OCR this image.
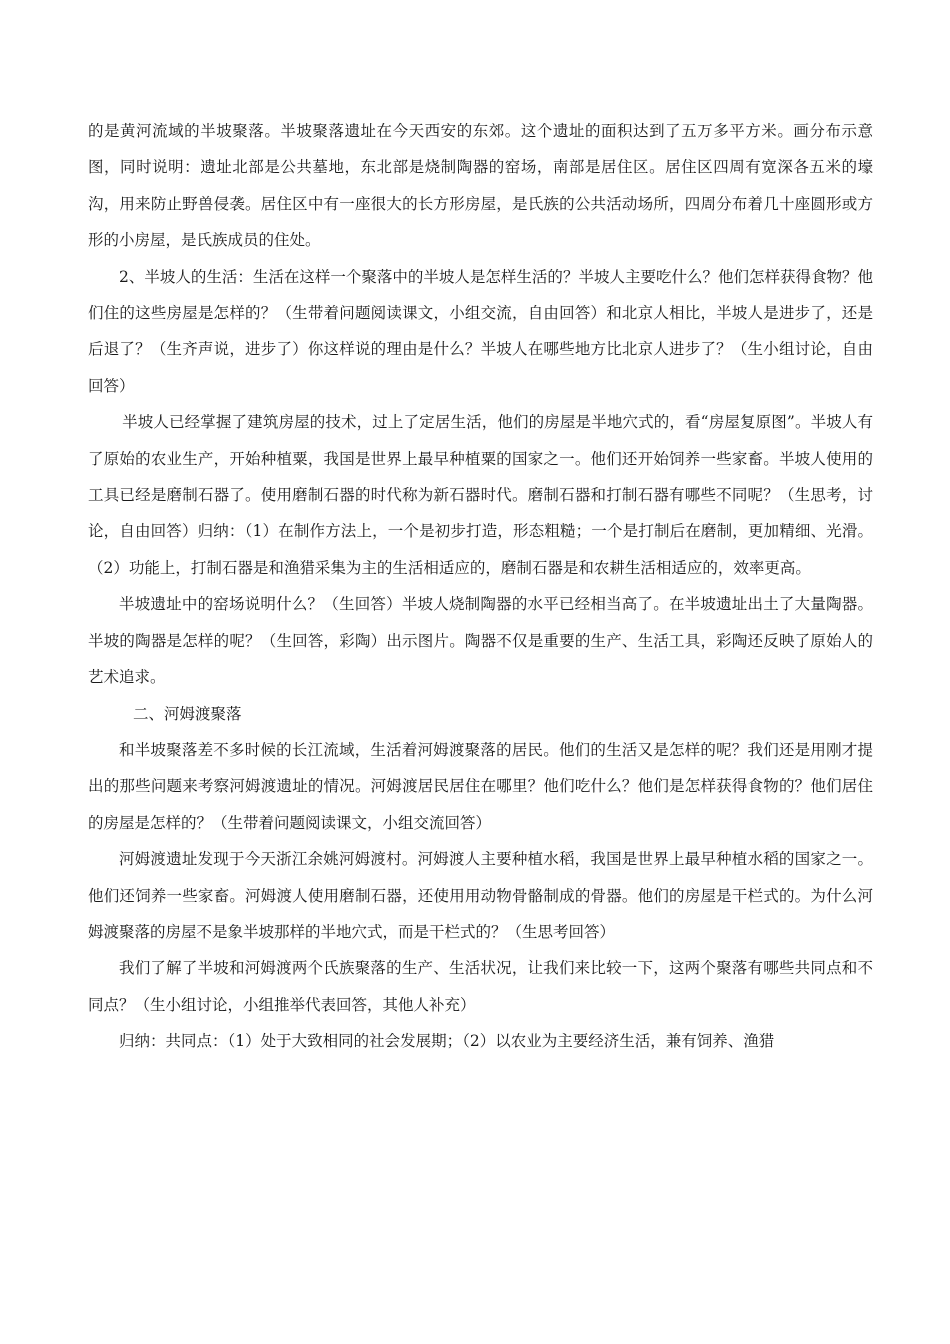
的是黄河流域的半坡聚落。半坡聚落遗址在今天西安的东郊。这个遗址的面积达到了五万多平方米。画分布示意图，同时说明：遗址北部是公共墓地，东北部是烧制陶器的窑场，南部是居住区。居住区四周有宽深各五米的壕沟，用来防止野兽侵袭。居住区中有一座很大的长方形房屋，是氏族的公共活动场所，四周分布着几十座圆形或方形的小房屋，是氏族成员的住处。

2、半坡人的生活：生活在这样一个聚落中的半坡人是怎样生活的？半坡人主要吃什么？他们怎样获得食物？他们住的这些房屋是怎样的？（生带着问题阅读课文，小组交流，自由回答）和北京人相比，半坡人是进步了，还是后退了？（生齐声说，进步了）你这样说的理由是什么？半坡人在哪些地方比北京人进步了？（生小组讨论，自由回答）

半坡人已经掌握了建筑房屋的技术，过上了定居生活，他们的房屋是半地穴式的，看“房屋复原图”。半坡人有了原始的农业生产，开始种植粟，我国是世界上最早种植粟的国家之一。他们还开始饲养一些家畜。半坡人使用的工具已经是磨制石器了。使用磨制石器的时代称为新石器时代。磨制石器和打制石器有哪些不同呢？（生思考，讨论，自由回答）归纳：（1）在制作方法上，一个是初步打造，形态粗糙；一个是打制后在磨制，更加精细、光滑。（2）功能上，打制石器是和渔猎采集为主的生活相适应的，磨制石器是和农耕生活相适应的，效率更高。

半坡遗址中的窑场说明什么？（生回答）半坡人烧制陶器的水平已经相当高了。在半坡遗址出土了大量陶器。半坡的陶器是怎样的呢？（生回答，彩陶）出示图片。陶器不仅是重要的生产、生活工具，彩陶还反映了原始人的艺术追求。

二、河姆渡聚落

和半坡聚落差不多时候的长江流域，生活着河姆渡聚落的居民。他们的生活又是怎样的呢？我们还是用刚才提出的那些问题来考察河姆渡遗址的情况。河姆渡居民居住在哪里？他们吃什么？他们是怎样获得食物的？他们居住的房屋是怎样的？（生带着问题阅读课文，小组交流回答）

河姆渡遗址发现于今天浙江余姚河姆渡村。河姆渡人主要种植水稻，我国是世界上最早种植水稻的国家之一。他们还饲养一些家畜。河姆渡人使用磨制石器，还使用用动物骨骼制成的骨器。他们的房屋是干栏式的。为什么河姆渡聚落的房屋不是象半坡那样的半地穴式，而是干栏式的？（生思考回答）

我们了解了半坡和河姆渡两个氏族聚落的生产、生活状况，让我们来比较一下，这两个聚落有哪些共同点和不同点？（生小组讨论，小组推举代表回答，其他人补充）

归纳：共同点：（1）处于大致相同的社会发展期；（2）以农业为主要经济生活，兼有饲养、渔猎
